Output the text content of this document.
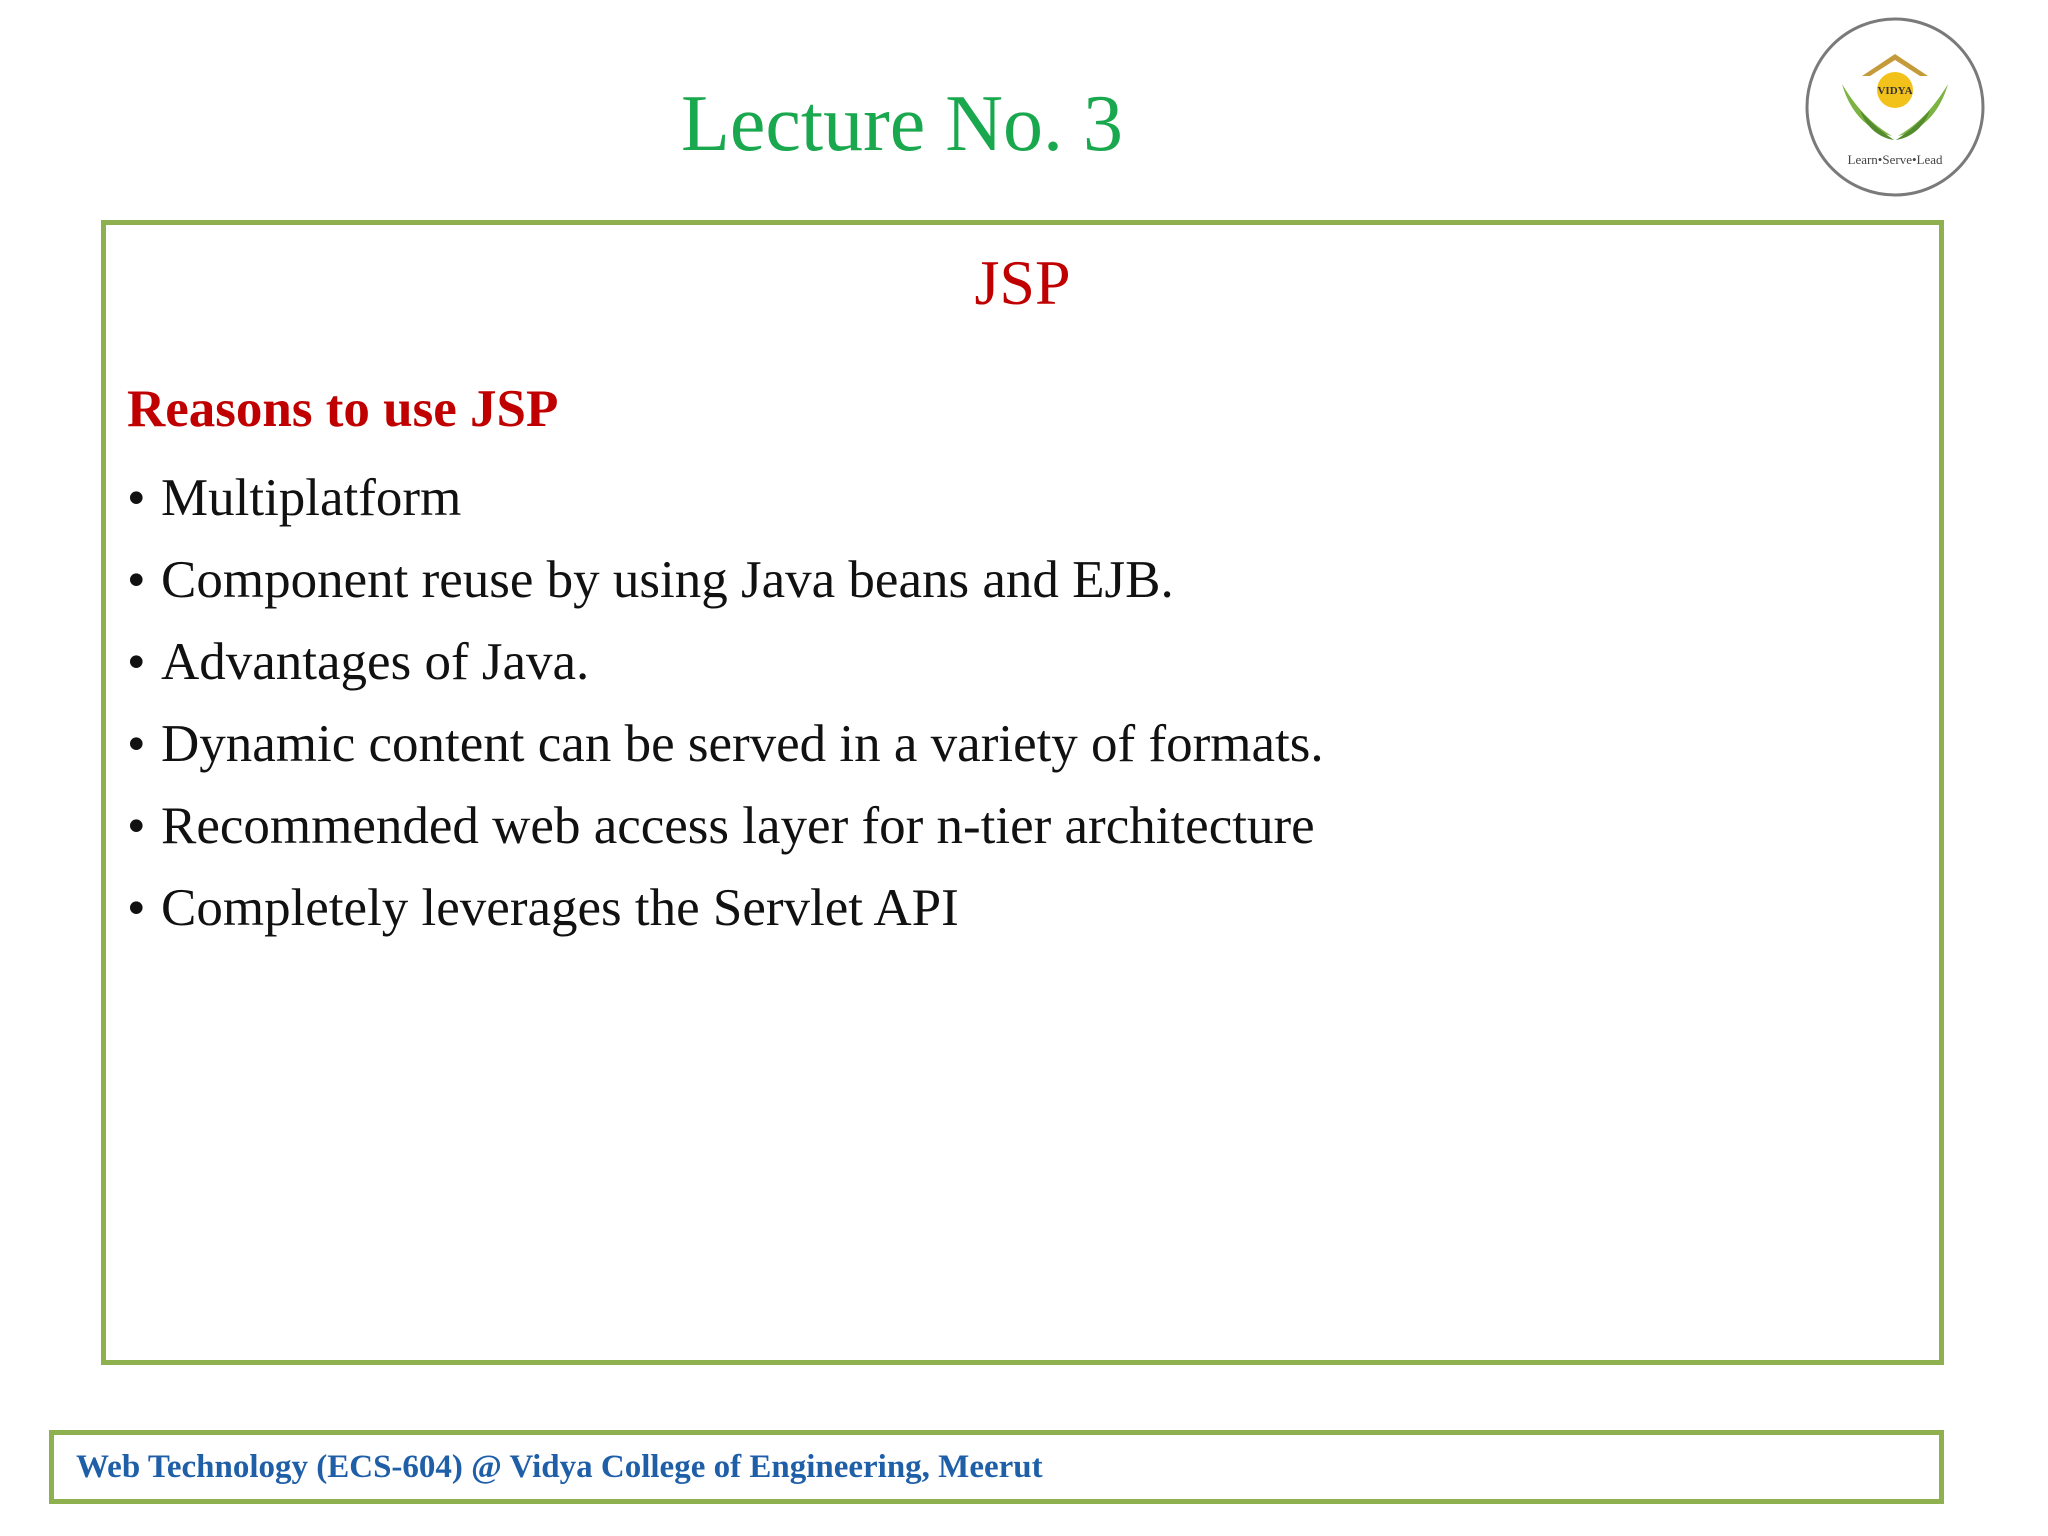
Lecture No. 3	VIDYA
Learn•Serve•Lead
JSP
Reasons to use JSP
• Multiplatform
• Component reuse by using Java beans and EJB.
• Advantages of Java.
• Dynamic content can be served in a variety of formats.
• Recommended web access layer for n-tier architecture
• Completely leverages the Servlet API
Web Technology (ECS-604) @ Vidya College of Engineering, Meerut
